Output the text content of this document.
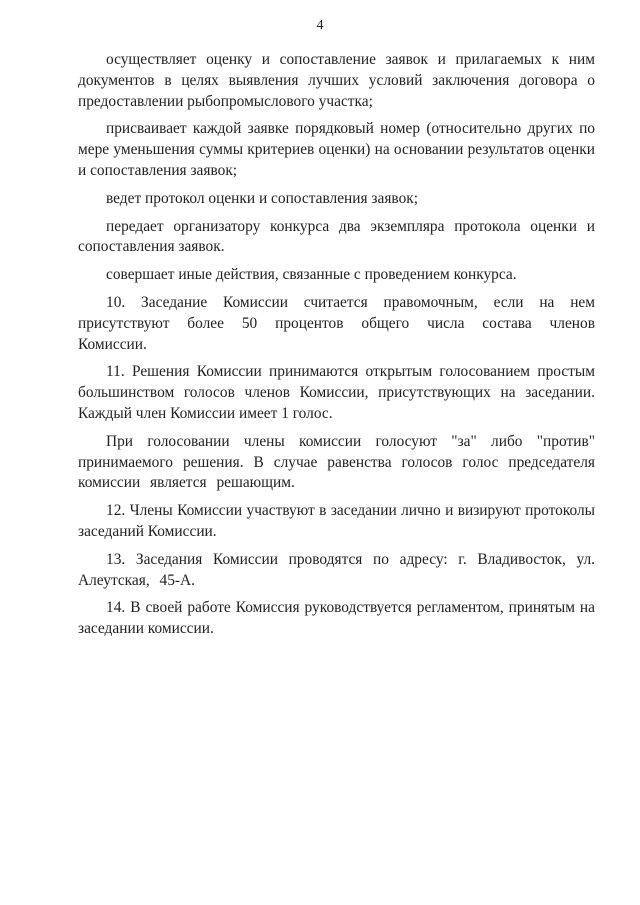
4

осуществляет оценку и сопоставление заявок и прилагаемых к ним документов в целях выявления лучших условий заключения договора о предоставлении рыбопромыслового участка;

присваивает каждой заявке порядковый номер (относительно других по мере уменьшения суммы критериев оценки) на основании результатов оценки и сопоставления заявок;

ведет протокол оценки и сопоставления заявок;

передает организатору конкурса два экземпляра протокола оценки и сопоставления заявок.

совершает иные действия, связанные с проведением конкурса.

10. Заседание Комиссии считается правомочным, если на нем присутствуют более 50 процентов общего числа состава членов Комиссии.

11. Решения Комиссии принимаются открытым голосованием простым большинством голосов членов Комиссии, присутствующих на заседании. Каждый член Комиссии имеет 1 голос.

При голосовании члены комиссии голосуют "за" либо "против" принимаемого решения. В случае равенства голосов голос председателя комиссии является решающим.

12. Члены Комиссии участвуют в заседании лично и визируют протоколы заседаний Комиссии.

13. Заседания Комиссии проводятся по адресу: г. Владивосток, ул. Алеутская, 45-А.

14. В своей работе Комиссия руководствуется регламентом, принятым на заседании комиссии.
